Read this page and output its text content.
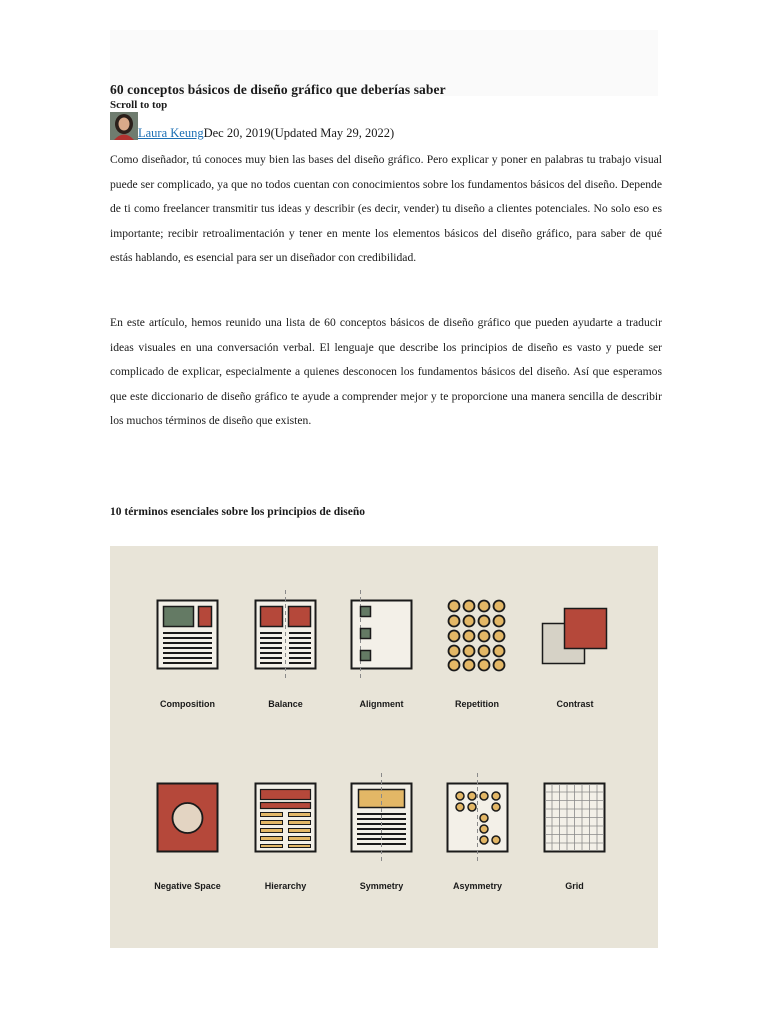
60 conceptos básicos de diseño gráfico que deberías saber
Scroll to top
Laura KeungDec 20, 2019(Updated May 29, 2022)

Como diseñador, tú conoces muy bien las bases del diseño gráfico. Pero explicar y poner en palabras tu trabajo visual puede ser complicado, ya que no todos cuentan con conocimientos sobre los fundamentos básicos del diseño. Depende de ti como freelancer transmitir tus ideas y describir (es decir, vender) tu diseño a clientes potenciales. No solo eso es importante; recibir retroalimentación y tener en mente los elementos básicos del diseño gráfico, para saber de qué estás hablando, es esencial para ser un diseñador con credibilidad.

En este artículo, hemos reunido una lista de 60 conceptos básicos de diseño gráfico que pueden ayudarte a traducir ideas visuales en una conversación verbal. El lenguaje que describe los principios de diseño es vasto y puede ser complicado de explicar, especialmente a quienes desconocen los fundamentos básicos del diseño. Así que esperamos que este diccionario de diseño gráfico te ayude a comprender mejor y te proporcione una manera sencilla de describir los muchos términos de diseño que existen.

10 términos esenciales sobre los principios de diseño
Composition	Balance	Alignment	Repetition	Contrast
Negative Space	Hierarchy	Symmetry	Asymmetry	Grid
